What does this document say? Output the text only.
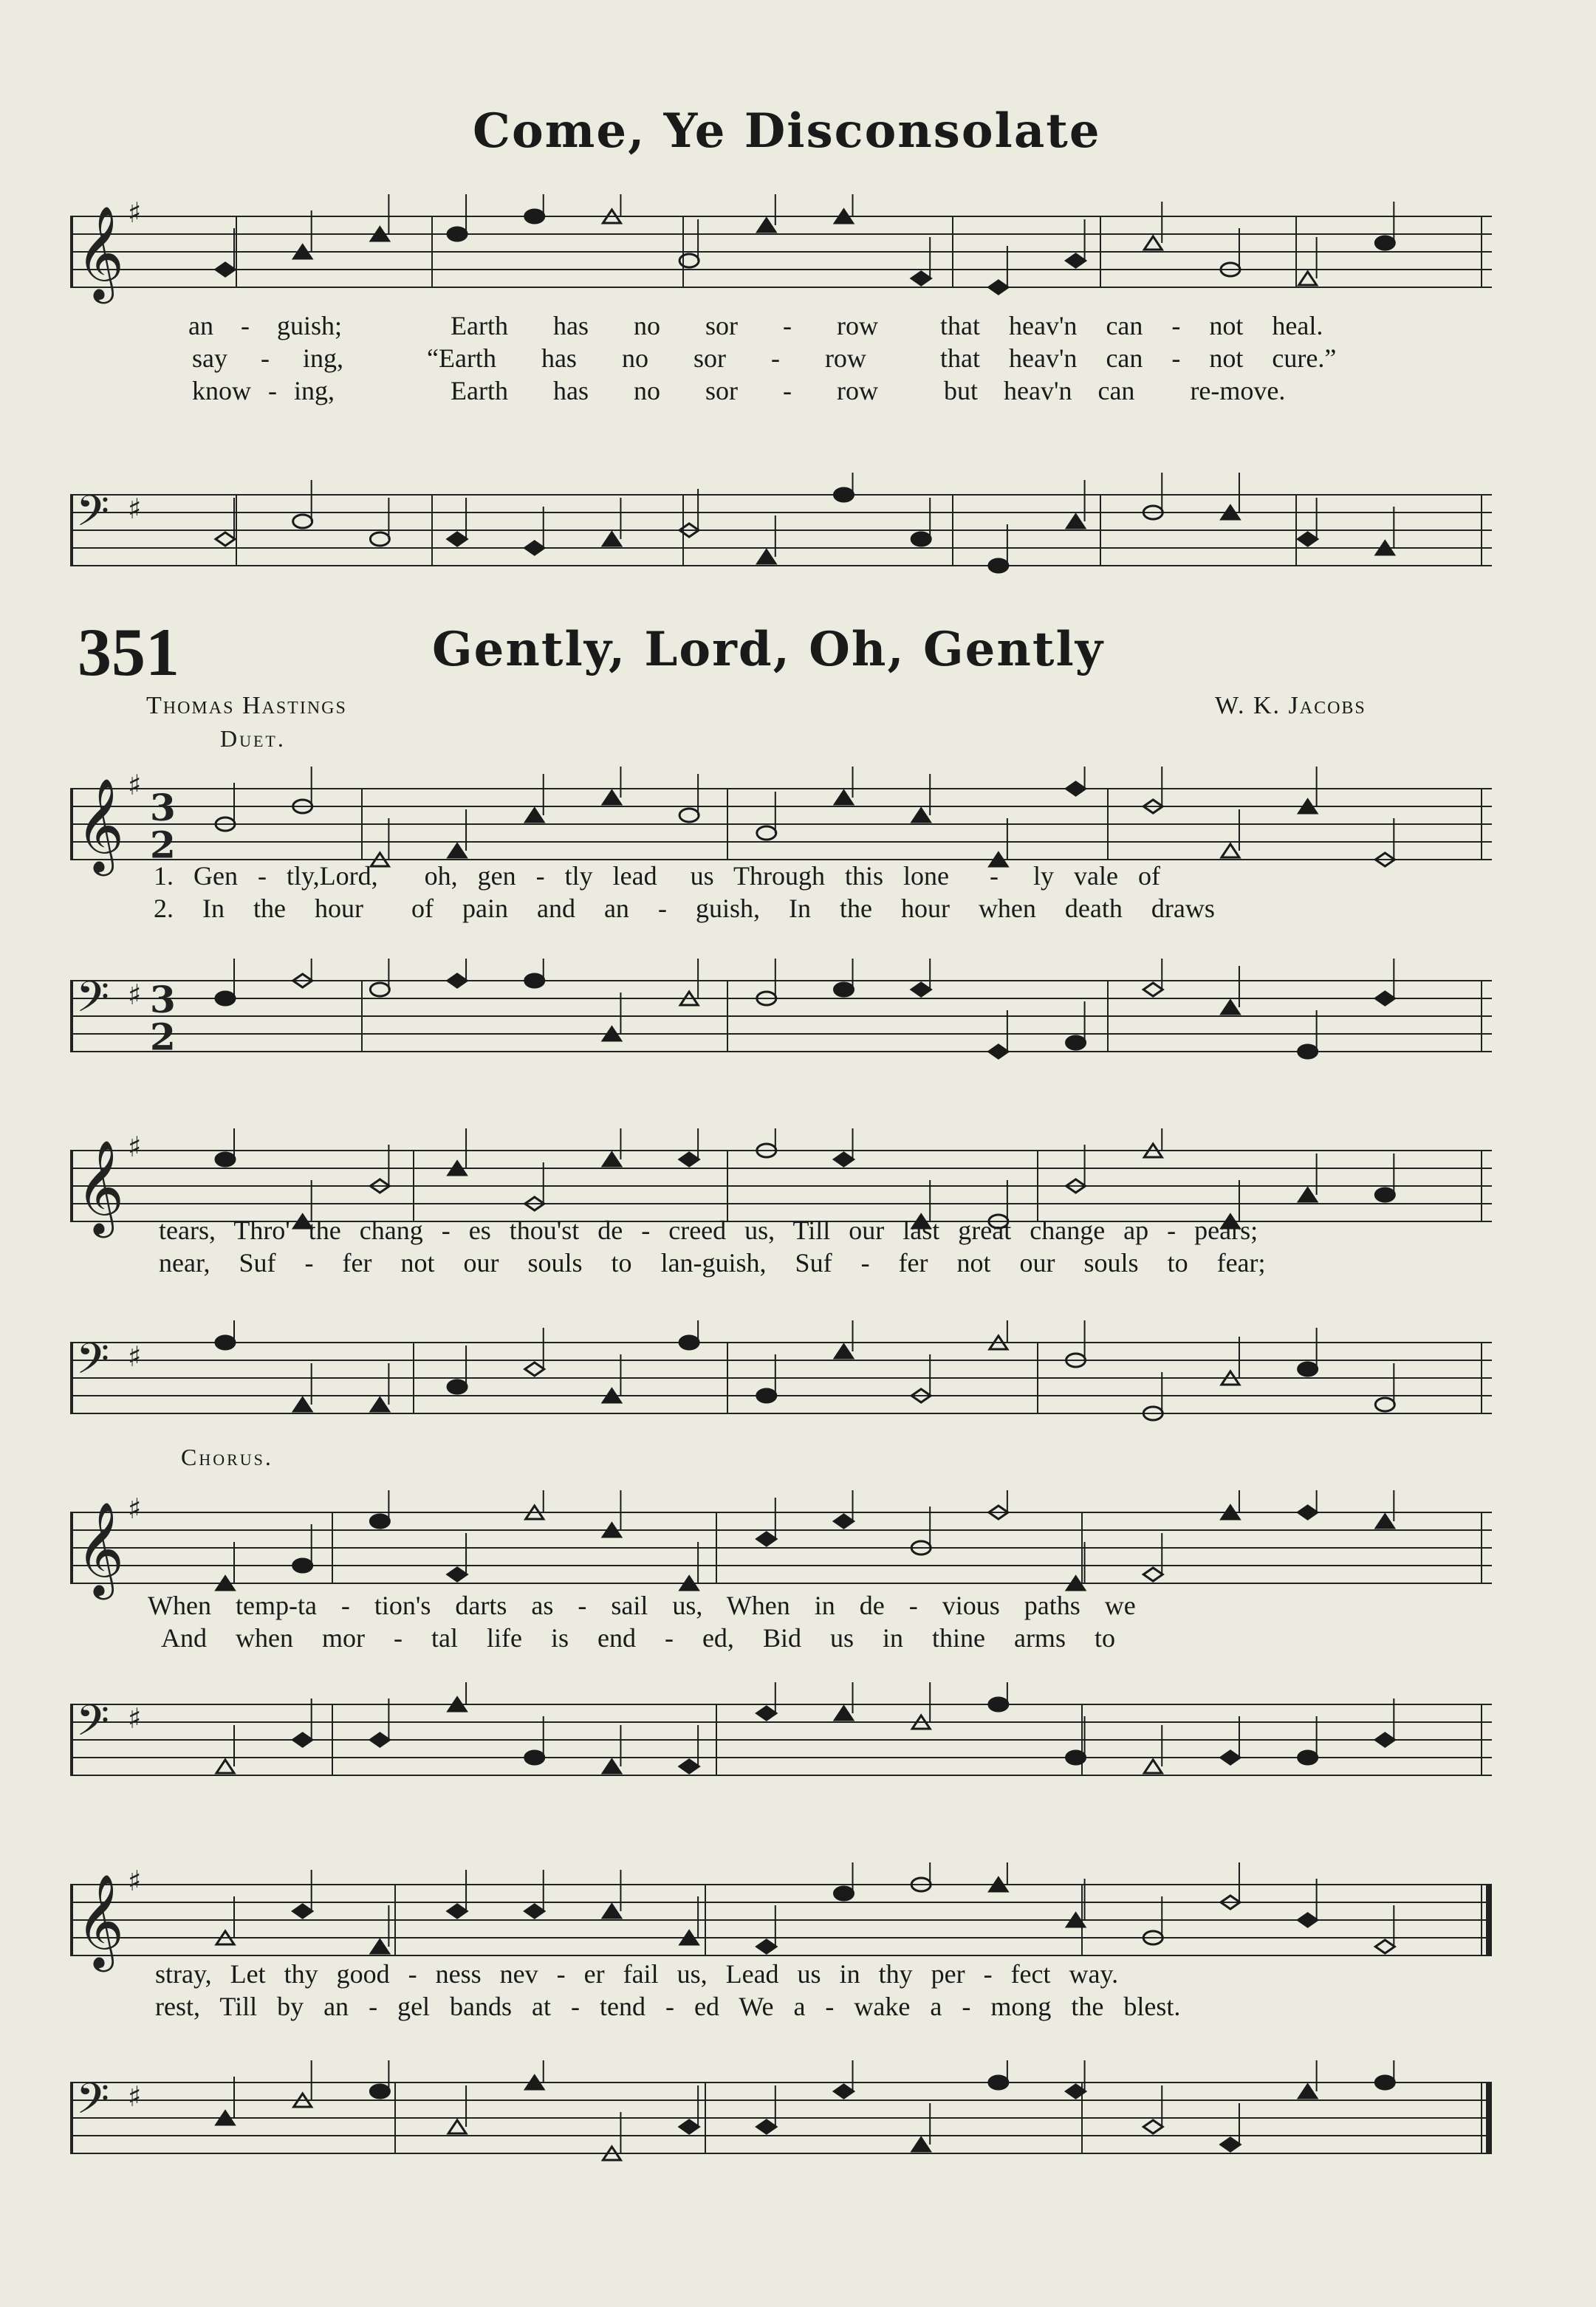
Come, Ye Disconsolate
𝄞 ♯
𝄢 ♯
an - guish;	Earth has no sor - row that heav'n can - not heal.
say - ing,	“Earth has no sor - row	that heav'n can - not cure.”
know - ing,	Earth has no sor - row but heav'n can re-move.
351	Gently, Lord, Oh, Gently
Thomas Hastings	W. K. Jacobs
Duet.
𝄞 ♯
3
2
𝄢 ♯ 3
2
1. Gen - tly,Lord, oh, gen - tly lead us Through this lone - ly vale of
2. In the hour of pain and an - guish, In the hour when death draws
𝄞 ♯
𝄢 ♯
tears, Thro' the chang - es thou'st de - creed us, Till our last great change ap - pears;
near, Suf - fer not our souls to lan-guish, Suf - fer not our souls to fear;
Chorus.
𝄞 ♯
𝄢 ♯
When temp-ta - tion's darts as - sail us, When in de - vious paths we
And when mor - tal life is end - ed, Bid us in thine arms to
𝄞 ♯
𝄢 ♯
stray, Let thy good - ness nev - er fail us, Lead us in thy per - fect way.
rest, Till by an - gel bands at - tend - ed We a - wake a - mong the blest.
